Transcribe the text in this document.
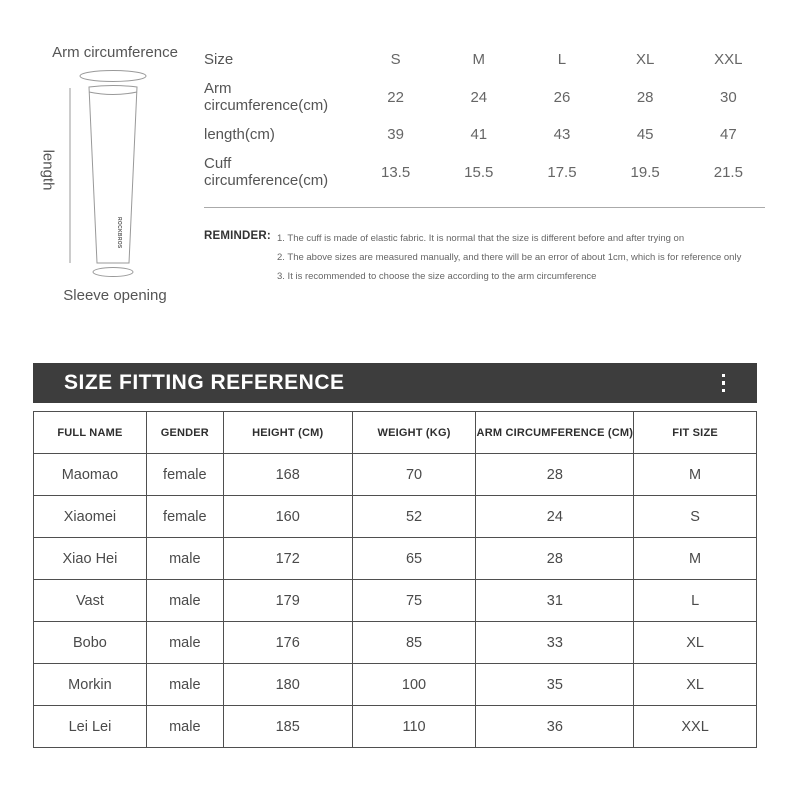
Arm circumference
ROCKBROS
length
Sleeve opening
Size	S	M	L	XL	XXL
Arm circumference(cm)	22	24	26	28	30
length(cm)	39	41	43	45	47
Cuff circumference(cm)	13.5	15.5	17.5	19.5	21.5
REMINDER: 1. The cuff is made of elastic fabric. It is normal that the size is different before and after trying on
2. The above sizes are measured manually, and there will be an error of about 1cm, which is for reference only
3. It is recommended to choose the size according to the arm circumference
SIZE FITTING REFERENCE
FULL NAME	GENDER	HEIGHT (CM)	WEIGHT (KG)	ARM CIRCUMFERENCE (CM)	FIT SIZE
Maomao	female	168	70	28	M
Xiaomei	female	160	52	24	S
Xiao Hei	male	172	65	28	M
Vast	male	179	75	31	L
Bobo	male	176	85	33	XL
Morkin	male	180	100	35	XL
Lei Lei	male	185	110	36	XXL
